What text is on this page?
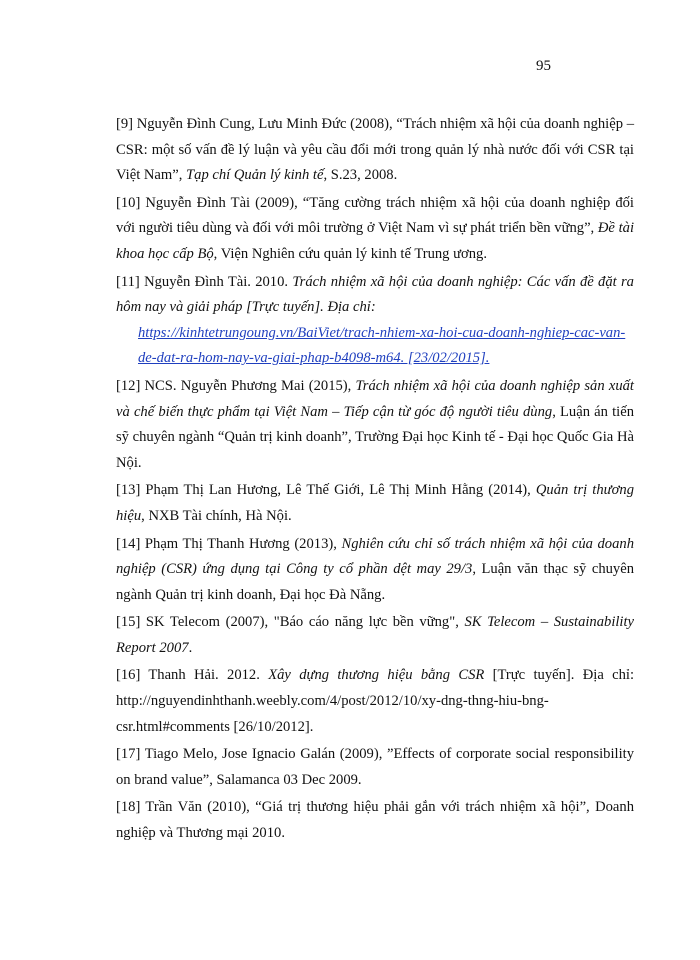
95
[9] Nguyễn Đình Cung, Lưu Minh Đức (2008), “Trách nhiệm xã hội của doanh nghiệp – CSR: một số vấn đề lý luận và yêu cầu đổi mới trong quản lý nhà nước đối với CSR tại Việt Nam”, Tạp chí Quản lý kinh tế, S.23, 2008.
[10] Nguyễn Đình Tài (2009), “Tăng cường trách nhiệm xã hội của doanh nghiệp đối với người tiêu dùng và đối với môi trường ở Việt Nam vì sự phát triển bền vững”, Đề tài khoa học cấp Bộ, Viện Nghiên cứu quản lý kinh tế Trung ương.
[11] Nguyễn Đình Tài. 2010. Trách nhiệm xã hội của doanh nghiệp: Các vấn đề đặt ra hôm nay và giải pháp [Trực tuyến]. Địa chỉ:
https://kinhtetrungoung.vn/BaiViet/trach-nhiem-xa-hoi-cua-doanh-nghiep-cac-van-de-dat-ra-hom-nay-va-giai-phap-b4098-m64. [23/02/2015].
[12] NCS. Nguyễn Phương Mai (2015), Trách nhiệm xã hội của doanh nghiệp sản xuất và chế biến thực phẩm tại Việt Nam – Tiếp cận từ góc độ người tiêu dùng, Luận án tiến sỹ chuyên ngành “Quản trị kinh doanh”, Trường Đại học Kinh tế - Đại học Quốc Gia Hà Nội.
[13] Phạm Thị Lan Hương, Lê Thế Giới, Lê Thị Minh Hằng (2014), Quản trị thương hiệu, NXB Tài chính, Hà Nội.
[14] Phạm Thị Thanh Hương (2013), Nghiên cứu chỉ số trách nhiệm xã hội của doanh nghiệp (CSR) ứng dụng tại Công ty cổ phần dệt may 29/3, Luận văn thạc sỹ chuyên ngành Quản trị kinh doanh, Đại học Đà Nẵng.
[15] SK Telecom (2007), "Báo cáo năng lực bền vững", SK Telecom – Sustainability Report 2007.
[16] Thanh Hải. 2012. Xây dựng thương hiệu bằng CSR [Trực tuyến]. Địa chỉ: http://nguyendinhthanh.weebly.com/4/post/2012/10/xy-dng-thng-hiu-bng-csr.html#comments [26/10/2012].
[17] Tiago Melo, Jose Ignacio Galán (2009), ”Effects of corporate social responsibility on brand value”, Salamanca 03 Dec 2009.
[18] Trần Văn (2010), “Giá trị thương hiệu phải gắn với trách nhiệm xã hội”, Doanh nghiệp và Thương mại 2010.
